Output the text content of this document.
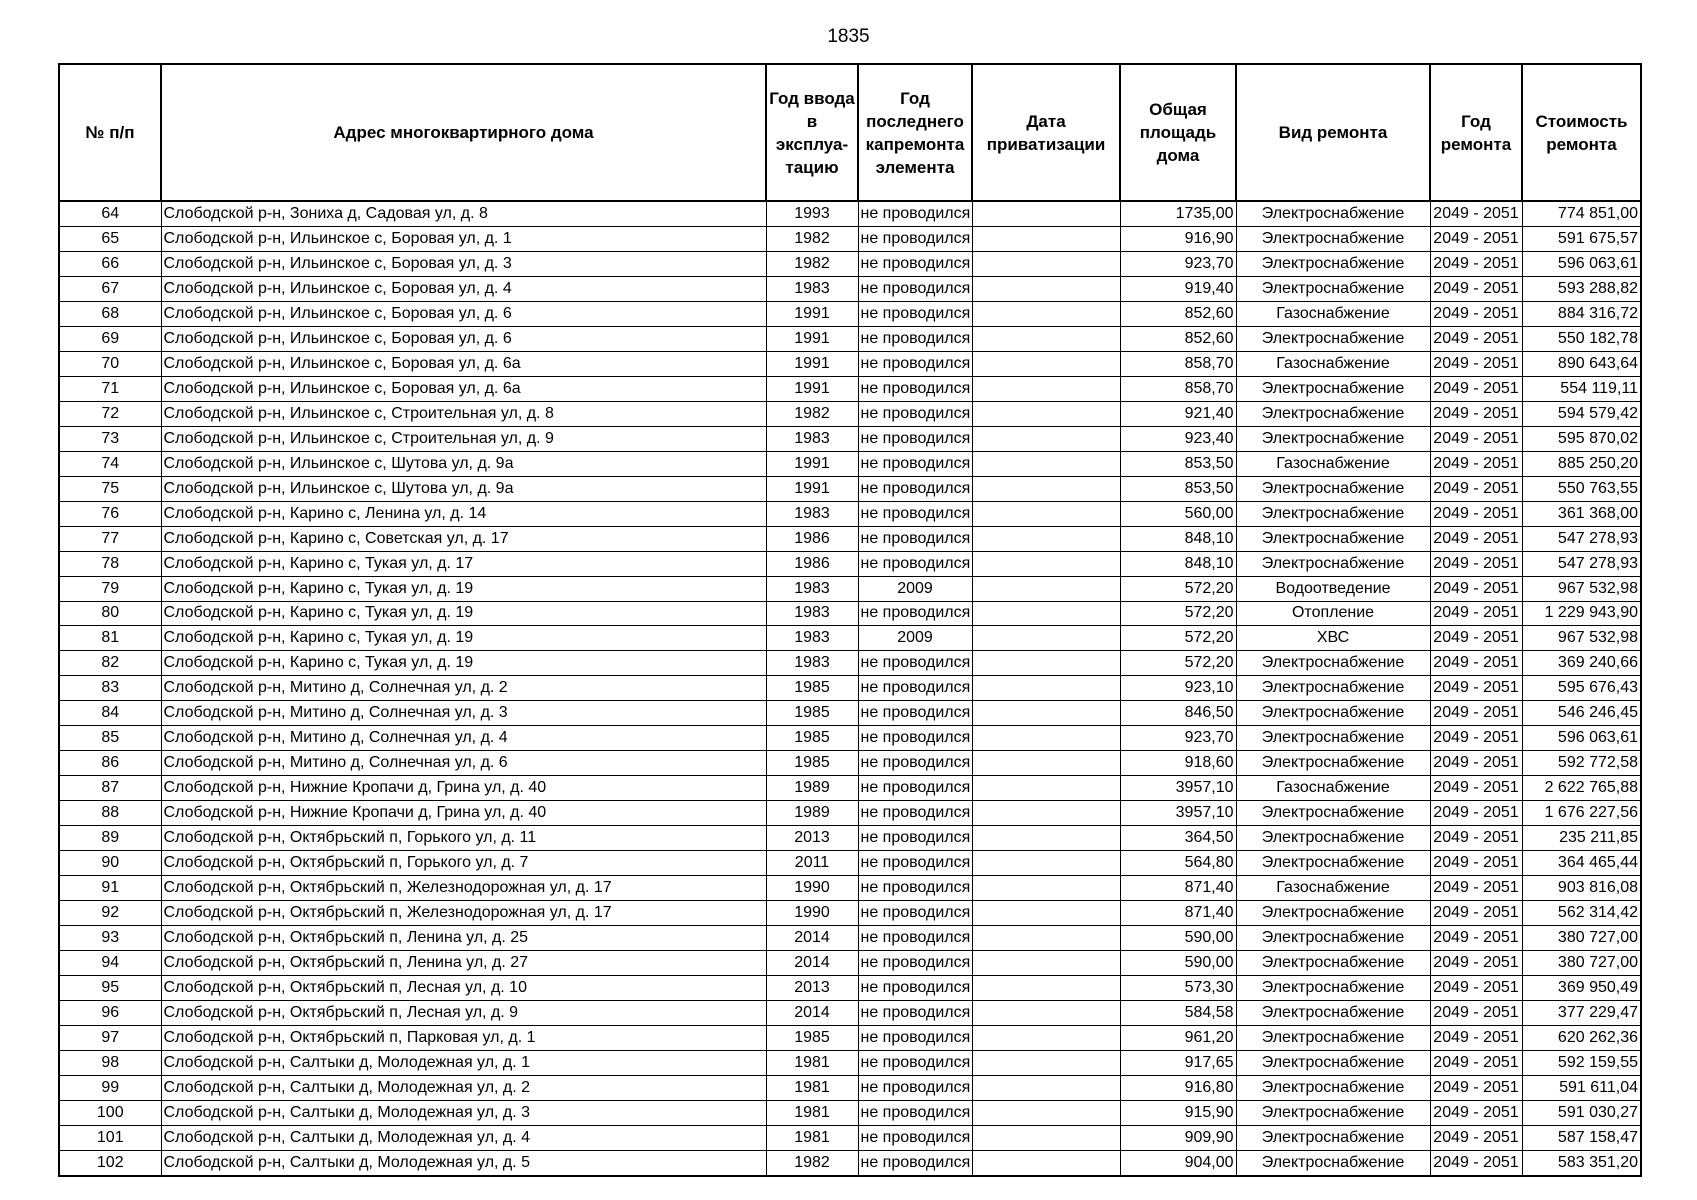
1835
№ п/п	Адрес многоквартирного дома	Год ввода в эксплуа-тацию	Год последнего капремонта элемента	Дата приватизации	Общая площадь дома	Вид ремонта	Год ремонта	Стоимость ремонта
64	Слободской р-н, Зониха д, Садовая ул, д. 8	1993	не проводился		1735,00	Электроснабжение	2049 - 2051	774 851,00
65	Слободской р-н, Ильинское с, Боровая ул, д. 1	1982	не проводился		916,90	Электроснабжение	2049 - 2051	591 675,57
66	Слободской р-н, Ильинское с, Боровая ул, д. 3	1982	не проводился		923,70	Электроснабжение	2049 - 2051	596 063,61
67	Слободской р-н, Ильинское с, Боровая ул, д. 4	1983	не проводился		919,40	Электроснабжение	2049 - 2051	593 288,82
68	Слободской р-н, Ильинское с, Боровая ул, д. 6	1991	не проводился		852,60	Газоснабжение	2049 - 2051	884 316,72
69	Слободской р-н, Ильинское с, Боровая ул, д. 6	1991	не проводился		852,60	Электроснабжение	2049 - 2051	550 182,78
70	Слободской р-н, Ильинское с, Боровая ул, д. 6а	1991	не проводился		858,70	Газоснабжение	2049 - 2051	890 643,64
71	Слободской р-н, Ильинское с, Боровая ул, д. 6а	1991	не проводился		858,70	Электроснабжение	2049 - 2051	554 119,11
72	Слободской р-н, Ильинское с, Строительная ул, д. 8	1982	не проводился		921,40	Электроснабжение	2049 - 2051	594 579,42
73	Слободской р-н, Ильинское с, Строительная ул, д. 9	1983	не проводился		923,40	Электроснабжение	2049 - 2051	595 870,02
74	Слободской р-н, Ильинское с, Шутова ул, д. 9а	1991	не проводился		853,50	Газоснабжение	2049 - 2051	885 250,20
75	Слободской р-н, Ильинское с, Шутова ул, д. 9а	1991	не проводился		853,50	Электроснабжение	2049 - 2051	550 763,55
76	Слободской р-н, Карино с, Ленина ул, д. 14	1983	не проводился		560,00	Электроснабжение	2049 - 2051	361 368,00
77	Слободской р-н, Карино с, Советская ул, д. 17	1986	не проводился		848,10	Электроснабжение	2049 - 2051	547 278,93
78	Слободской р-н, Карино с, Тукая ул, д. 17	1986	не проводился		848,10	Электроснабжение	2049 - 2051	547 278,93
79	Слободской р-н, Карино с, Тукая ул, д. 19	1983	2009		572,20	Водоотведение	2049 - 2051	967 532,98
80	Слободской р-н, Карино с, Тукая ул, д. 19	1983	не проводился		572,20	Отопление	2049 - 2051	1 229 943,90
81	Слободской р-н, Карино с, Тукая ул, д. 19	1983	2009		572,20	ХВС	2049 - 2051	967 532,98
82	Слободской р-н, Карино с, Тукая ул, д. 19	1983	не проводился		572,20	Электроснабжение	2049 - 2051	369 240,66
83	Слободской р-н, Митино д, Солнечная ул, д. 2	1985	не проводился		923,10	Электроснабжение	2049 - 2051	595 676,43
84	Слободской р-н, Митино д, Солнечная ул, д. 3	1985	не проводился		846,50	Электроснабжение	2049 - 2051	546 246,45
85	Слободской р-н, Митино д, Солнечная ул, д. 4	1985	не проводился		923,70	Электроснабжение	2049 - 2051	596 063,61
86	Слободской р-н, Митино д, Солнечная ул, д. 6	1985	не проводился		918,60	Электроснабжение	2049 - 2051	592 772,58
87	Слободской р-н, Нижние Кропачи д, Грина ул, д. 40	1989	не проводился		3957,10	Газоснабжение	2049 - 2051	2 622 765,88
88	Слободской р-н, Нижние Кропачи д, Грина ул, д. 40	1989	не проводился		3957,10	Электроснабжение	2049 - 2051	1 676 227,56
89	Слободской р-н, Октябрьский п, Горького ул, д. 11	2013	не проводился		364,50	Электроснабжение	2049 - 2051	235 211,85
90	Слободской р-н, Октябрьский п, Горького ул, д. 7	2011	не проводился		564,80	Электроснабжение	2049 - 2051	364 465,44
91	Слободской р-н, Октябрьский п, Железнодорожная ул, д. 17	1990	не проводился		871,40	Газоснабжение	2049 - 2051	903 816,08
92	Слободской р-н, Октябрьский п, Железнодорожная ул, д. 17	1990	не проводился		871,40	Электроснабжение	2049 - 2051	562 314,42
93	Слободской р-н, Октябрьский п, Ленина ул, д. 25	2014	не проводился		590,00	Электроснабжение	2049 - 2051	380 727,00
94	Слободской р-н, Октябрьский п, Ленина ул, д. 27	2014	не проводился		590,00	Электроснабжение	2049 - 2051	380 727,00
95	Слободской р-н, Октябрьский п, Лесная ул, д. 10	2013	не проводился		573,30	Электроснабжение	2049 - 2051	369 950,49
96	Слободской р-н, Октябрьский п, Лесная ул, д. 9	2014	не проводился		584,58	Электроснабжение	2049 - 2051	377 229,47
97	Слободской р-н, Октябрьский п, Парковая ул, д. 1	1985	не проводился		961,20	Электроснабжение	2049 - 2051	620 262,36
98	Слободской р-н, Салтыки д, Молодежная ул, д. 1	1981	не проводился		917,65	Электроснабжение	2049 - 2051	592 159,55
99	Слободской р-н, Салтыки д, Молодежная ул, д. 2	1981	не проводился		916,80	Электроснабжение	2049 - 2051	591 611,04
100	Слободской р-н, Салтыки д, Молодежная ул, д. 3	1981	не проводился		915,90	Электроснабжение	2049 - 2051	591 030,27
101	Слободской р-н, Салтыки д, Молодежная ул, д. 4	1981	не проводился		909,90	Электроснабжение	2049 - 2051	587 158,47
102	Слободской р-н, Салтыки д, Молодежная ул, д. 5	1982	не проводился		904,00	Электроснабжение	2049 - 2051	583 351,20
